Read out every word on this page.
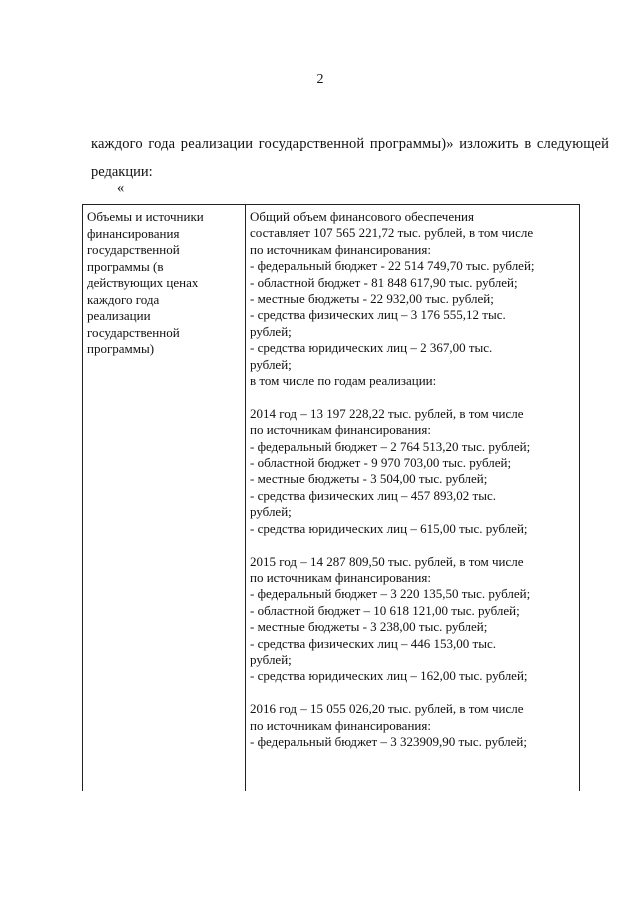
2
каждого года реализации государственной программы)» изложить в следующей
редакции:
«
Объемы и источники
финансирования
государственной
программы (в
действующих ценах
каждого года
реализации
государственной
программы)
Общий объем финансового обеспечения
составляет 107 565 221,72 тыс. рублей, в том числе
по источникам финансирования:
- федеральный бюджет - 22 514 749,70 тыс. рублей;
- областной бюджет - 81 848 617,90 тыс. рублей;
- местные бюджеты - 22 932,00 тыс. рублей;
- средства физических лиц – 3 176 555,12 тыс.
рублей;
- средства юридических лиц – 2 367,00 тыс.
рублей;
в том числе по годам реализации:
2014 год – 13 197 228,22 тыс. рублей, в том числе
по источникам финансирования:
- федеральный бюджет – 2 764 513,20 тыс. рублей;
- областной бюджет - 9 970 703,00 тыс. рублей;
- местные бюджеты - 3 504,00 тыс. рублей;
- средства физических лиц – 457 893,02 тыс.
рублей;
- средства юридических лиц – 615,00 тыс. рублей;
2015 год – 14 287 809,50 тыс. рублей, в том числе
по источникам финансирования:
- федеральный бюджет – 3 220 135,50 тыс. рублей;
- областной бюджет – 10 618 121,00 тыс. рублей;
- местные бюджеты - 3 238,00 тыс. рублей;
- средства физических лиц – 446 153,00 тыс.
рублей;
- средства юридических лиц – 162,00 тыс. рублей;
2016 год – 15 055 026,20 тыс. рублей, в том числе
по источникам финансирования:
- федеральный бюджет – 3 323909,90 тыс. рублей;
